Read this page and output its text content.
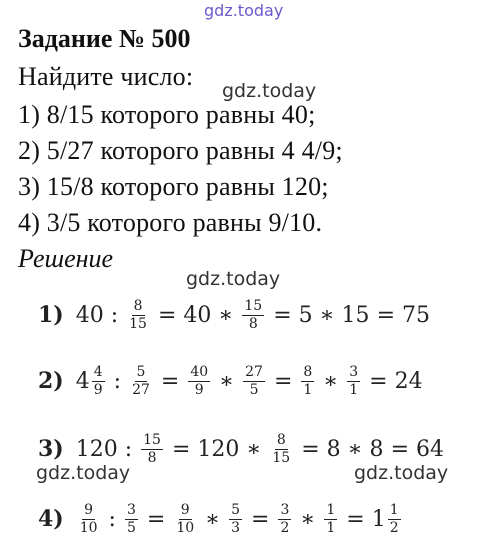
gdz.today
gdz.today
gdz.today
gdz.today	gdz.today
Задание № 500
Найдите число:
1) 8/15 которого равны 40;
2) 5/27 которого равны 4 4/9;
3) 15/8 которого равны 120;
4) 3/5 которого равны 9/10.
Решение
1) 40 : $\frac{8}{15} = 40$ ∗ $\frac{15}{8} = 5$ ∗ 15 = 75
2) $4 \frac{4}{9}$ : $\frac{5}{27} = \frac{40}{9}$ ∗ $\frac{27}{5} = \frac{8}{1}$ ∗ $\frac{3}{1} = 24$
3) 120 : $\frac{15}{8} = 120$ ∗ $\frac{8}{15} = 8$ ∗ 8 = 64
$4) \frac{9}{10}$ : $\frac{3}{5} = \frac{9}{10}$ ∗ $\frac{5}{3} = \frac{3}{2}$ ∗ $\frac{1}{1} = 1 \frac{1}{2}$
